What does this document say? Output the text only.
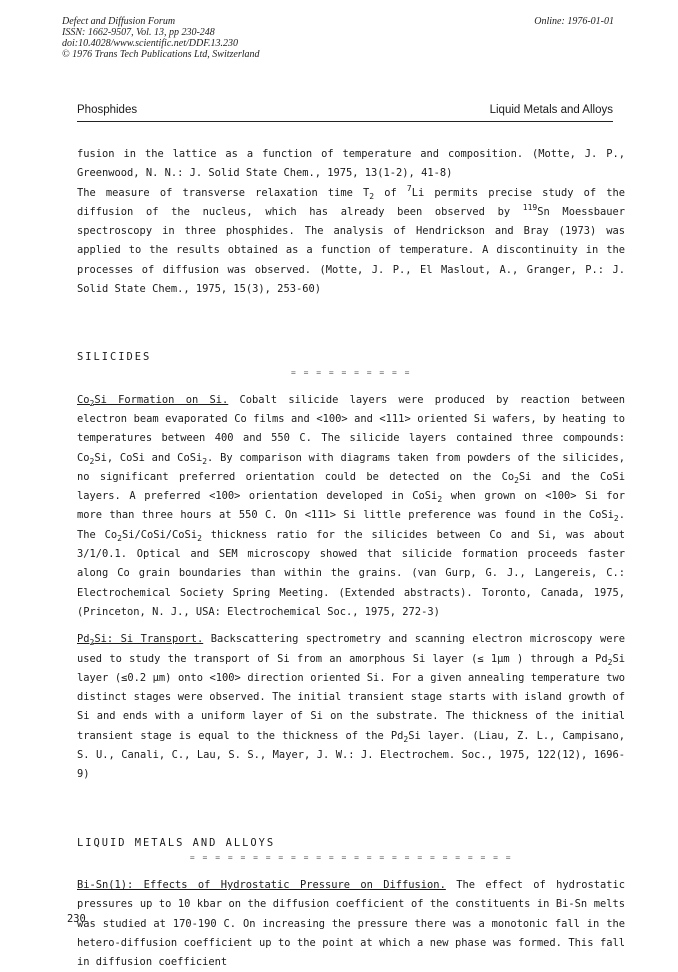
Defect and Diffusion Forum
ISSN: 1662-9507, Vol. 13, pp 230-248
doi:10.4028/www.scientific.net/DDF.13.230
© 1976 Trans Tech Publications Ltd, Switzerland
Online: 1976-01-01
Phosphides	Liquid Metals and Alloys

fusion in the lattice as a function of temperature and composition. (Motte, J. P., Greenwood, N. N.: J. Solid State Chem., 1975, 13(1-2), 41-8)

The measure of transverse relaxation time $T_2$ of $^7$Li permits precise study of the diffusion of the nucleus, which has already been observed by $^{119}$Sn Moessbauer spectroscopy in three phosphides. The analysis of Hendrickson and Bray (1973) was applied to the results obtained as a function of temperature. A discontinuity in the processes of diffusion was observed. (Motte, J. P., El Maslout, A., Granger, P.: J. Solid State Chem., 1975, 15(3), 253-60)

SILICIDES

= = = = = = = = = =

$Co_2Si$ Formation on Si. Cobalt silicide layers were produced by reaction between electron beam evaporated Co films and <100> and <111> oriented Si wafers, by heating to temperatures between 400 and 550 C. The silicide layers contained three compounds: $Co_2Si$, CoSi and CoSi$_2$. By comparison with diagrams taken from powders of the silicides, no significant preferred orientation could be detected on the $Co_2Si$ and the CoSi layers. A preferred <100> orientation developed in CoSi$_2$ when grown on <100> Si for more than three hours at 550 C. On <111> Si little preference was found in the CoSi$_2$. The $Co_2Si/CoSi/CoSi_2$ thickness ratio for the silicides between Co and Si, was about 3/1/0.1. Optical and SEM microscopy showed that silicide formation proceeds faster along Co grain boundaries than within the grains. (van Gurp, G. J., Langereis, C.: Electrochemical Society Spring Meeting. (Extended abstracts). Toronto, Canada, 1975, (Princeton, N. J., USA: Electrochemical Soc., 1975, 272-3)

$Pd_2Si$: Si Transport. Backscattering spectrometry and scanning electron microscopy were used to study the transport of Si from an amorphous Si layer (≤ 1μm ) through a $Pd_2Si$ layer (≤0.2 μm) onto <100> direction oriented Si. For a given annealing temperature two distinct stages were observed. The initial transient stage starts with island growth of Si and ends with a uniform layer of Si on the substrate. The thickness of the initial transient stage is equal to the thickness of the $Pd_2Si$ layer. (Liau, Z. L., Campisano, S. U., Canali, C., Lau, S. S., Mayer, J. W.: J. Electrochem. Soc., 1975, 122(12), 1696-9)

LIQUID METALS AND ALLOYS

= = = = = = = = = = = = = = = = = = = = = = = = = =

Bi-Sn(1): Effects of Hydrostatic Pressure on Diffusion. The effect of hydrostatic pressures up to 10 kbar on the diffusion coefficient of the constituents in Bi-Sn melts was studied at 170-190 C. On increasing the pressure there was a monotonic fall in the hetero-diffusion coefficient up to the point at which a new phase was formed. This fall in diffusion coefficient

230
